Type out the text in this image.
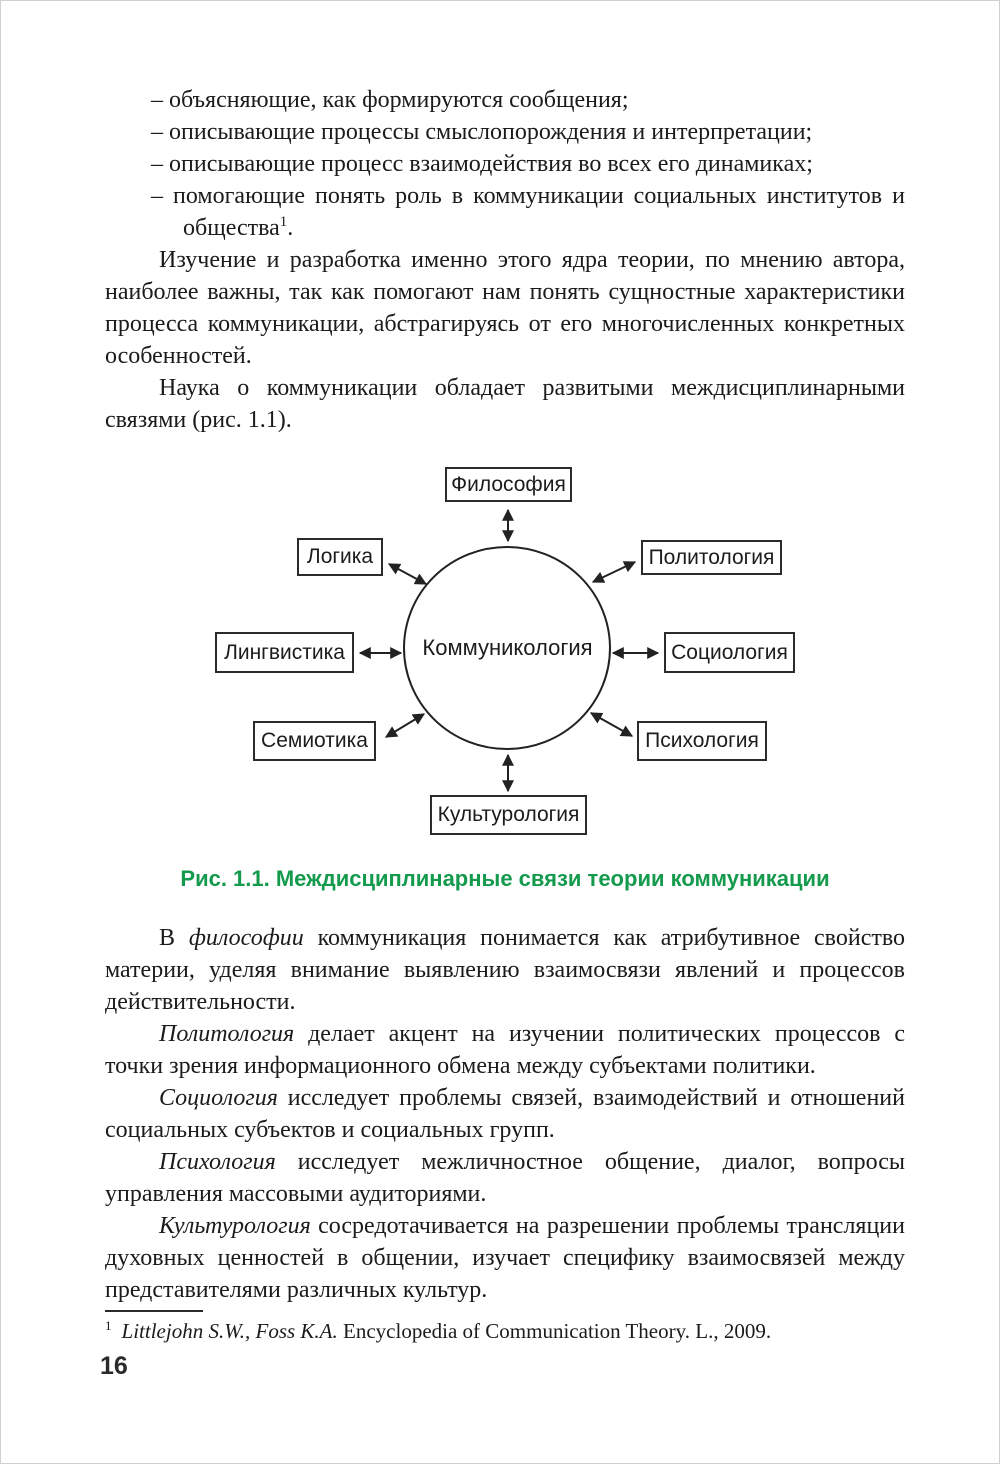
– объясняющие, как формируются сообщения;
– описывающие процессы смыслопорождения и интерпретации;
– описывающие процесс взаимодействия во всех его динамиках;
– помогающие понять роль в коммуникации социальных институтов и общества$^1$.

Изучение и разработка именно этого ядра теории, по мнению автора, наиболее важны, так как помогают нам понять сущностные характеристики процесса коммуникации, абстрагируясь от его многочисленных конкретных особенностей.

Наука о коммуникации обладает развитыми междисциплинарными связями (рис. 1.1).

Философия
Логика	Политология
Лингвистика	Социология
Семиотика	Психология
Культурология
Коммуникология
Рис. 1.1. Междисциплинарные связи теории коммуникации

В философии коммуникация понимается как атрибутивное свойство материи, уделяя внимание выявлению взаимосвязи явлений и процессов действительности.

Политология делает акцент на изучении политических процессов с точки зрения информационного обмена между субъектами политики.

Социология исследует проблемы связей, взаимодействий и отношений социальных субъектов и социальных групп.

Психология исследует межличностное общение, диалог, вопросы управления массовыми аудиториями.

Культурология сосредотачивается на разрешении проблемы трансляции духовных ценностей в общении, изучает специфику взаимосвязей между представителями различных культур.

$^1$ Littlejohn S.W., Foss K.A. Encyclopedia of Communication Theory. L., 2009.
16
